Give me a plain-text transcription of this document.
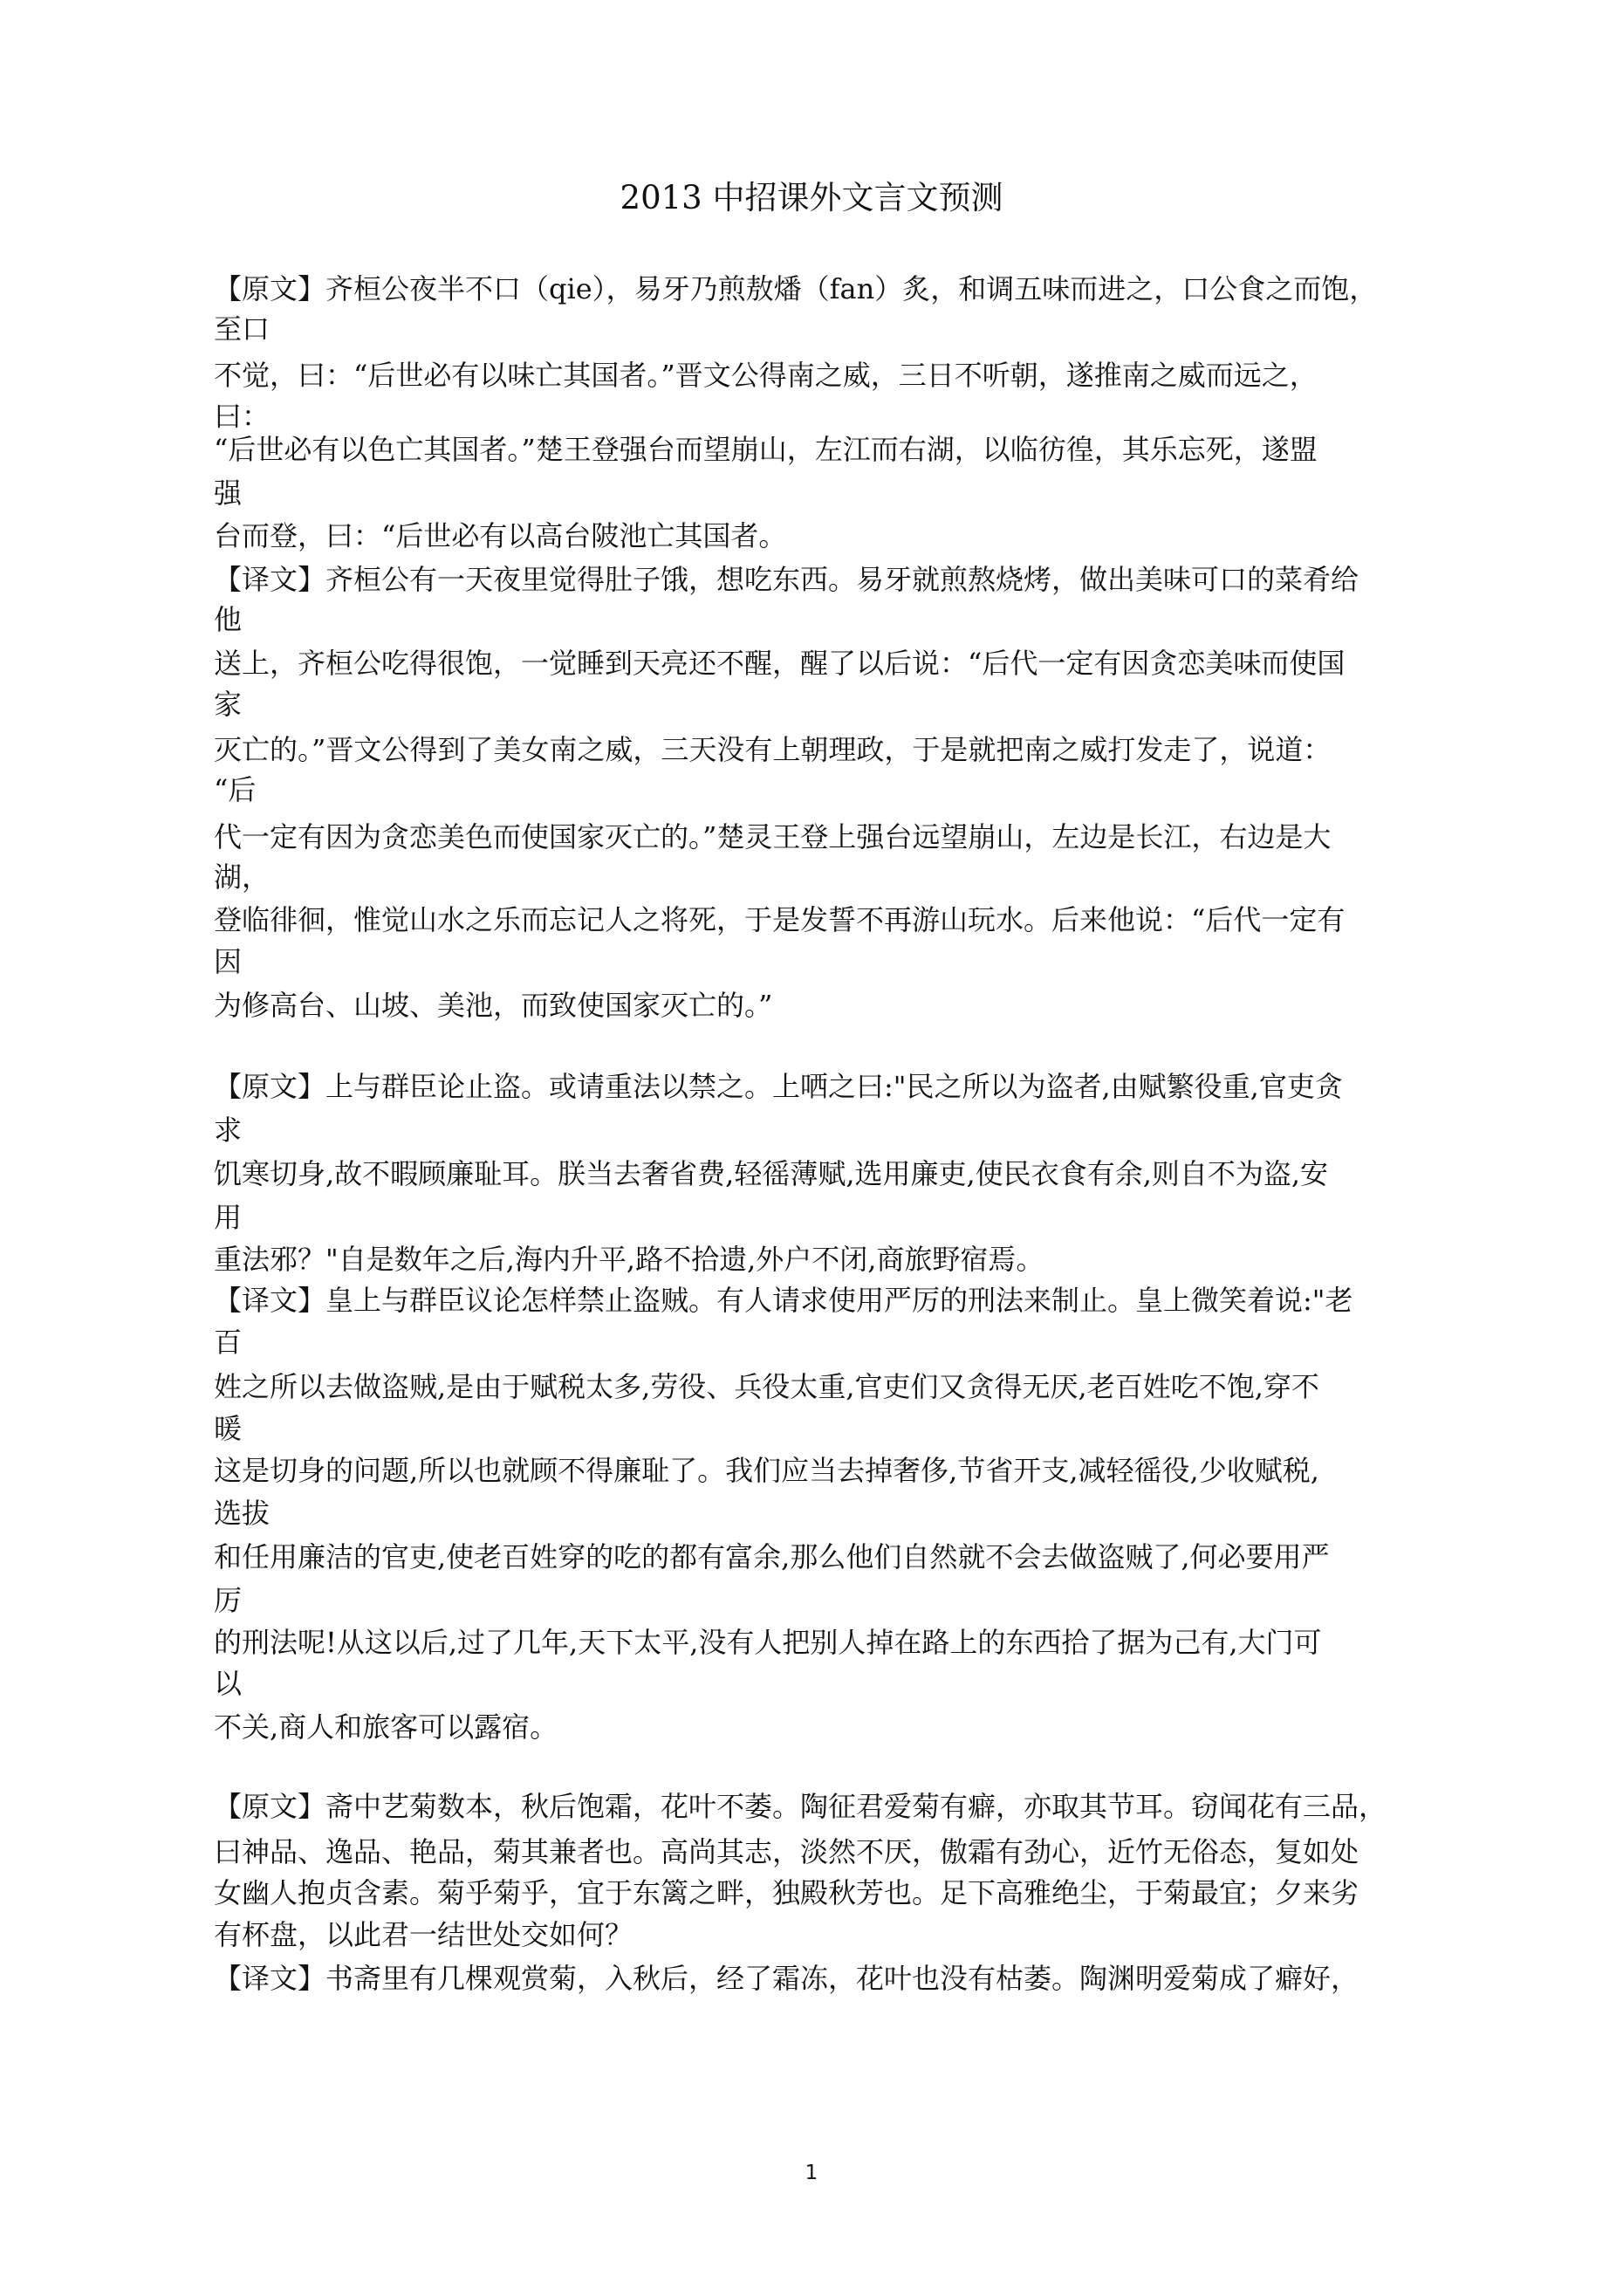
2013 中招课外文言文预测
【原文】齐桓公夜半不口（qie），易牙乃煎敖燔（fan）炙，和调五味而进之，口公食之而饱，
至口
不觉，曰：“后世必有以味亡其国者。”晋文公得南之威，三日不听朝，遂推南之威而远之，
曰：
“后世必有以色亡其国者。”楚王登强台而望崩山，左江而右湖，以临彷徨，其乐忘死，遂盟
强
台而登，曰：“后世必有以高台陂池亡其国者。
【译文】齐桓公有一天夜里觉得肚子饿，想吃东西。易牙就煎熬烧烤，做出美味可口的菜肴给
他
送上，齐桓公吃得很饱，一觉睡到天亮还不醒，醒了以后说：“后代一定有因贪恋美味而使国
家
灭亡的。”晋文公得到了美女南之威，三天没有上朝理政，于是就把南之威打发走了，说道：
“后
代一定有因为贪恋美色而使国家灭亡的。”楚灵王登上强台远望崩山，左边是长江，右边是大
湖，
登临徘徊，惟觉山水之乐而忘记人之将死，于是发誓不再游山玩水。后来他说：“后代一定有
因
为修高台、山坡、美池，而致使国家灭亡的。”
【原文】上与群臣论止盗。或请重法以禁之。上哂之曰:"民之所以为盗者,由赋繁役重,官吏贪
求
饥寒切身,故不暇顾廉耻耳。朕当去奢省费,轻徭薄赋,选用廉吏,使民衣食有余,则自不为盗,安
用
重法邪？"自是数年之后,海内升平,路不拾遗,外户不闭,商旅野宿焉。
【译文】皇上与群臣议论怎样禁止盗贼。有人请求使用严厉的刑法来制止。皇上微笑着说:"老
百
姓之所以去做盗贼,是由于赋税太多,劳役、兵役太重,官吏们又贪得无厌,老百姓吃不饱,穿不
暖
这是切身的问题,所以也就顾不得廉耻了。我们应当去掉奢侈,节省开支,减轻徭役,少收赋税,
选拔
和任用廉洁的官吏,使老百姓穿的吃的都有富余,那么他们自然就不会去做盗贼了,何必要用严
厉
的刑法呢!从这以后,过了几年,天下太平,没有人把别人掉在路上的东西拾了据为己有,大门可
以
不关,商人和旅客可以露宿。
【原文】斋中艺菊数本，秋后饱霜，花叶不萎。陶征君爱菊有癖，亦取其节耳。窃闻花有三品，
曰神品、逸品、艳品，菊其兼者也。高尚其志，淡然不厌，傲霜有劲心，近竹无俗态，复如处
女幽人抱贞含素。菊乎菊乎，宜于东篱之畔，独殿秋芳也。足下高雅绝尘，于菊最宜；夕来劣
有杯盘，以此君一结世处交如何？
【译文】书斋里有几棵观赏菊，入秋后，经了霜冻，花叶也没有枯萎。陶渊明爱菊成了癖好，
1
